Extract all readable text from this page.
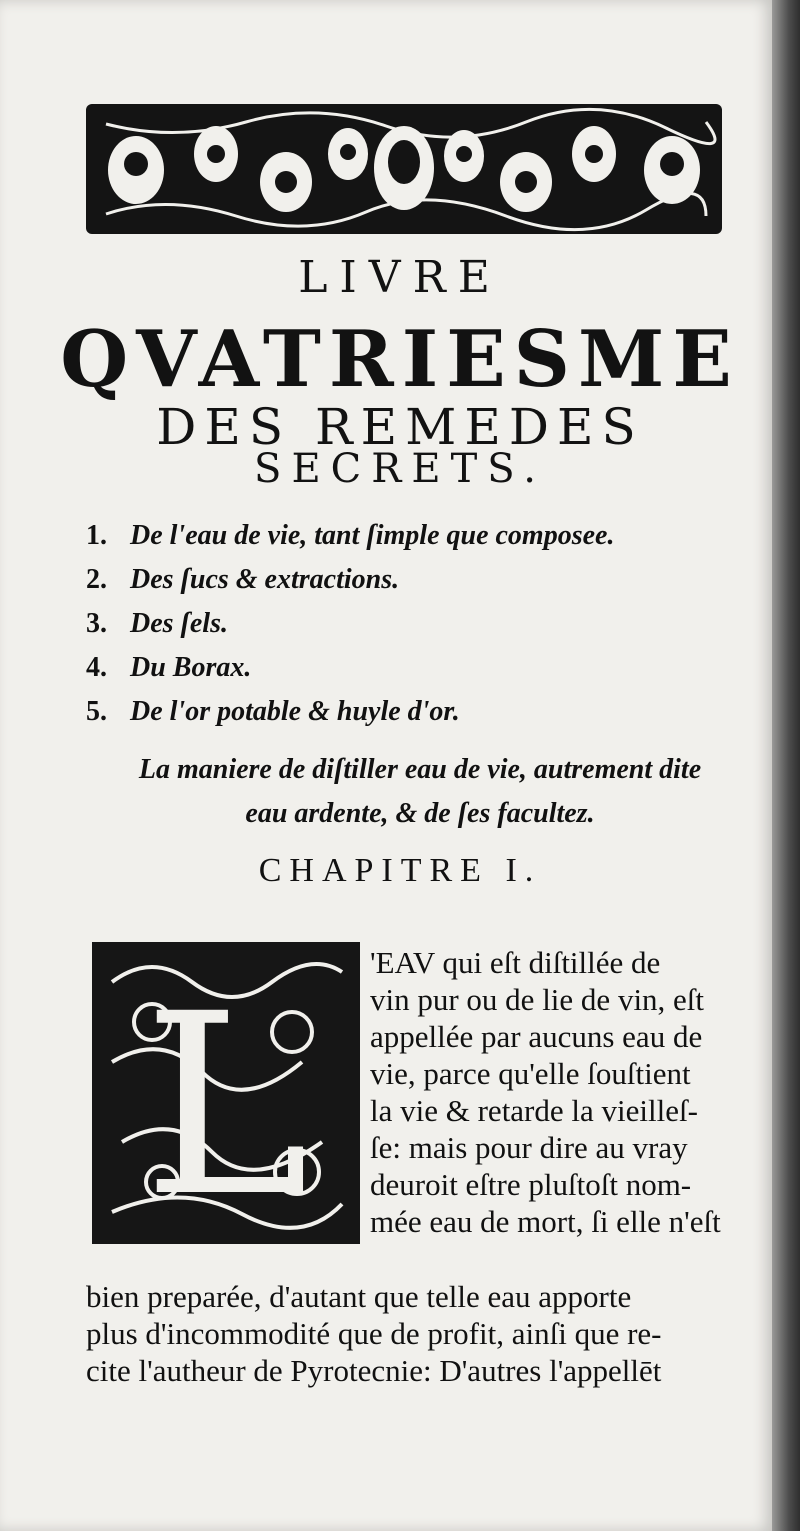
LIVRE
QVATRIESME
DES REMEDES
SECRETS.
1. De l'eau de vie, tant ſimple que composee.
2. Des ſucs & extractions.
3. Des ſels.
4. Du Borax.
5. De l'or potable & huyle d'or.
La maniere de diſtiller eau de vie, autrement dite
eau ardente, & de ſes facultez.
CHAPITRE I.
L 'EAV qui eſt diſtillée de
vin pur ou de lie de vin, eſt
appellée par aucuns eau de
vie, parce qu'elle ſouſtient
la vie & retarde la vieilleſ-
ſe: mais pour dire au vray
deuroit eſtre pluſtoſt nom-
mée eau de mort, ſi elle n'eſt
bien preparée, d'autant que telle eau apporte
plus d'incommodité que de profit, ainſi que re-
cite l'autheur de Pyrotecnie: D'autres l'appellēt
